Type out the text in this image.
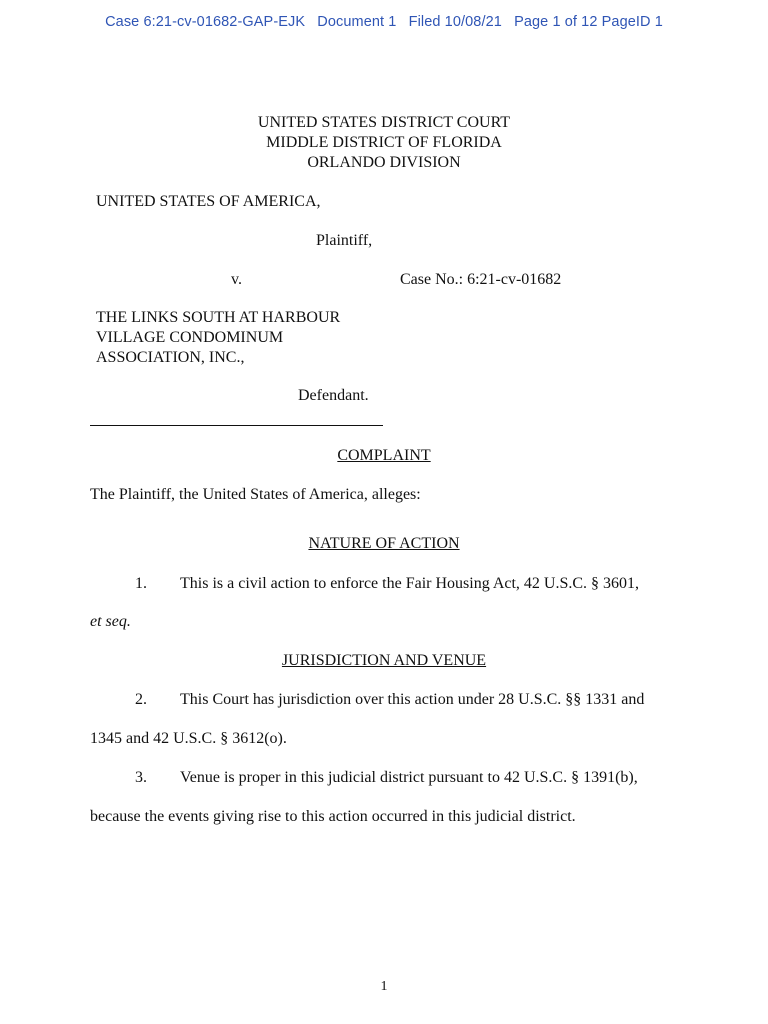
Case 6:21-cv-01682-GAP-EJK Document 1 Filed 10/08/21 Page 1 of 12 PageID 1
UNITED STATES DISTRICT COURT
MIDDLE DISTRICT OF FLORIDA
ORLANDO DIVISION
UNITED STATES OF AMERICA,
Plaintiff,
v.	Case No.: 6:21-cv-01682
THE LINKS SOUTH AT HARBOUR
VILLAGE CONDOMINUM
ASSOCIATION, INC.,
Defendant.
COMPLAINT
The Plaintiff, the United States of America, alleges:
NATURE OF ACTION
1. This is a civil action to enforce the Fair Housing Act, 42 U.S.C. § 3601,
et seq.
JURISDICTION AND VENUE
2. This Court has jurisdiction over this action under 28 U.S.C. §§ 1331 and
1345 and 42 U.S.C. § 3612(o).
3. Venue is proper in this judicial district pursuant to 42 U.S.C. § 1391(b),
because the events giving rise to this action occurred in this judicial district.
1
